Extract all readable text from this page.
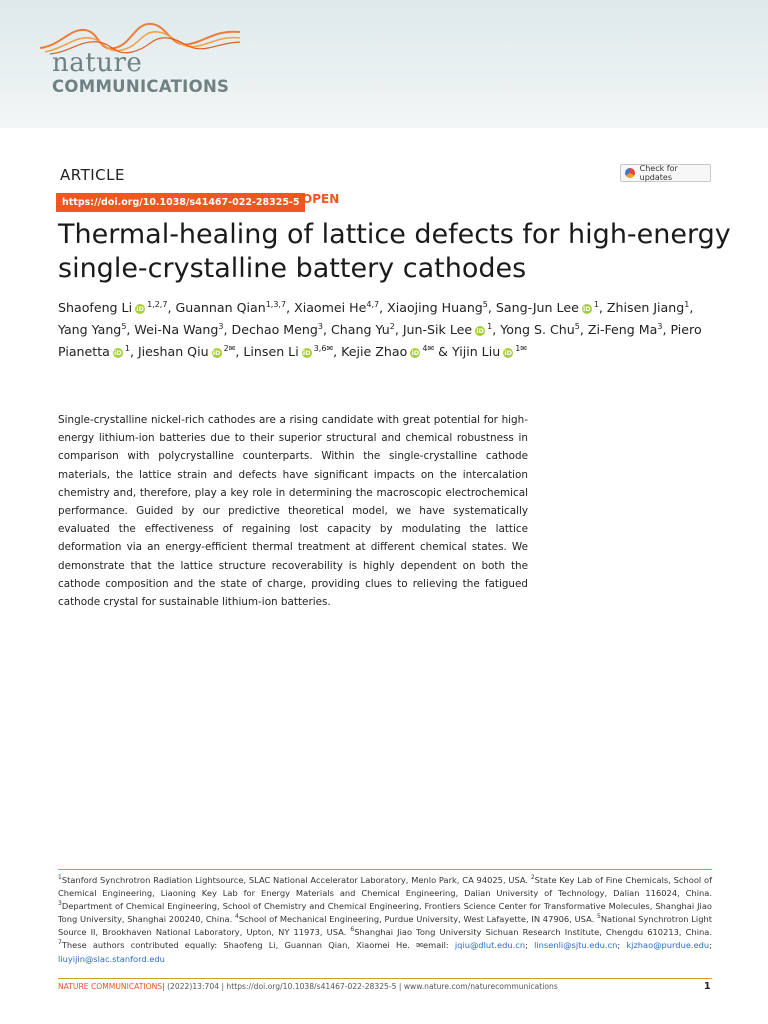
nature
COMMUNICATIONS
ARTICLE	Check for updates
https://doi.org/10.1038/s41467-022-28325-5 OPEN
Thermal-healing of lattice defects for high-energy single-crystalline battery cathodes
Shaofeng Li iD $^{1,2,7}$, Guannan Qian$^{1,3,7}$, Xiaomei He$^{4,7}$, Xiaojing Huang$^5$, Sang-Jun Lee iD $^1$, Zhisen Jiang$^1$, Yang Yang$^5$, Wei-Na Wang$^3$, Dechao Meng$^3$, Chang Yu$^2$, Jun-Sik Lee iD $^1$, Yong S. Chu$^5$, Zi-Feng Ma$^3$, Piero Pianetta iD $^1$, Jieshan Qiu iD $^{2✉}$, Linsen Li iD $^{3,6✉}$, Kejie Zhao iD $^{4✉}$ & Yijin Liu iD $^{1✉}$
Single-crystalline nickel-rich cathodes are a rising candidate with great potential for high-energy lithium-ion batteries due to their superior structural and chemical robustness in comparison with polycrystalline counterparts. Within the single-crystalline cathode materials, the lattice strain and defects have significant impacts on the intercalation chemistry and, therefore, play a key role in determining the macroscopic electrochemical performance. Guided by our predictive theoretical model, we have systematically evaluated the effectiveness of regaining lost capacity by modulating the lattice deformation via an energy-efficient thermal treatment at different chemical states. We demonstrate that the lattice structure recoverability is highly dependent on both the cathode composition and the state of charge, providing clues to relieving the fatigued cathode crystal for sustainable lithium-ion batteries.
$^1$Stanford Synchrotron Radiation Lightsource, SLAC National Accelerator Laboratory, Menlo Park, CA 94025, USA. $^2$State Key Lab of Fine Chemicals, School of Chemical Engineering, Liaoning Key Lab for Energy Materials and Chemical Engineering, Dalian University of Technology, Dalian 116024, China. $^3$Department of Chemical Engineering, School of Chemistry and Chemical Engineering, Frontiers Science Center for Transformative Molecules, Shanghai Jiao Tong University, Shanghai 200240, China. $^4$School of Mechanical Engineering, Purdue University, West Lafayette, IN 47906, USA. $^5$National Synchrotron Light Source II, Brookhaven National Laboratory, Upton, NY 11973, USA. $^6$Shanghai Jiao Tong University Sichuan Research Institute, Chengdu 610213, China. $^7$These authors contributed equally: Shaofeng Li, Guannan Qian, Xiaomei He. ✉email: jqiu@dlut.edu.cn; linsenli@sjtu.edu.cn; kjzhao@purdue.edu; liuyijin@slac.stanford.edu
NATURE COMMUNICATIONS| (2022)13:704 | https://doi.org/10.1038/s41467-022-28325-5 | www.nature.com/naturecommunications	1
